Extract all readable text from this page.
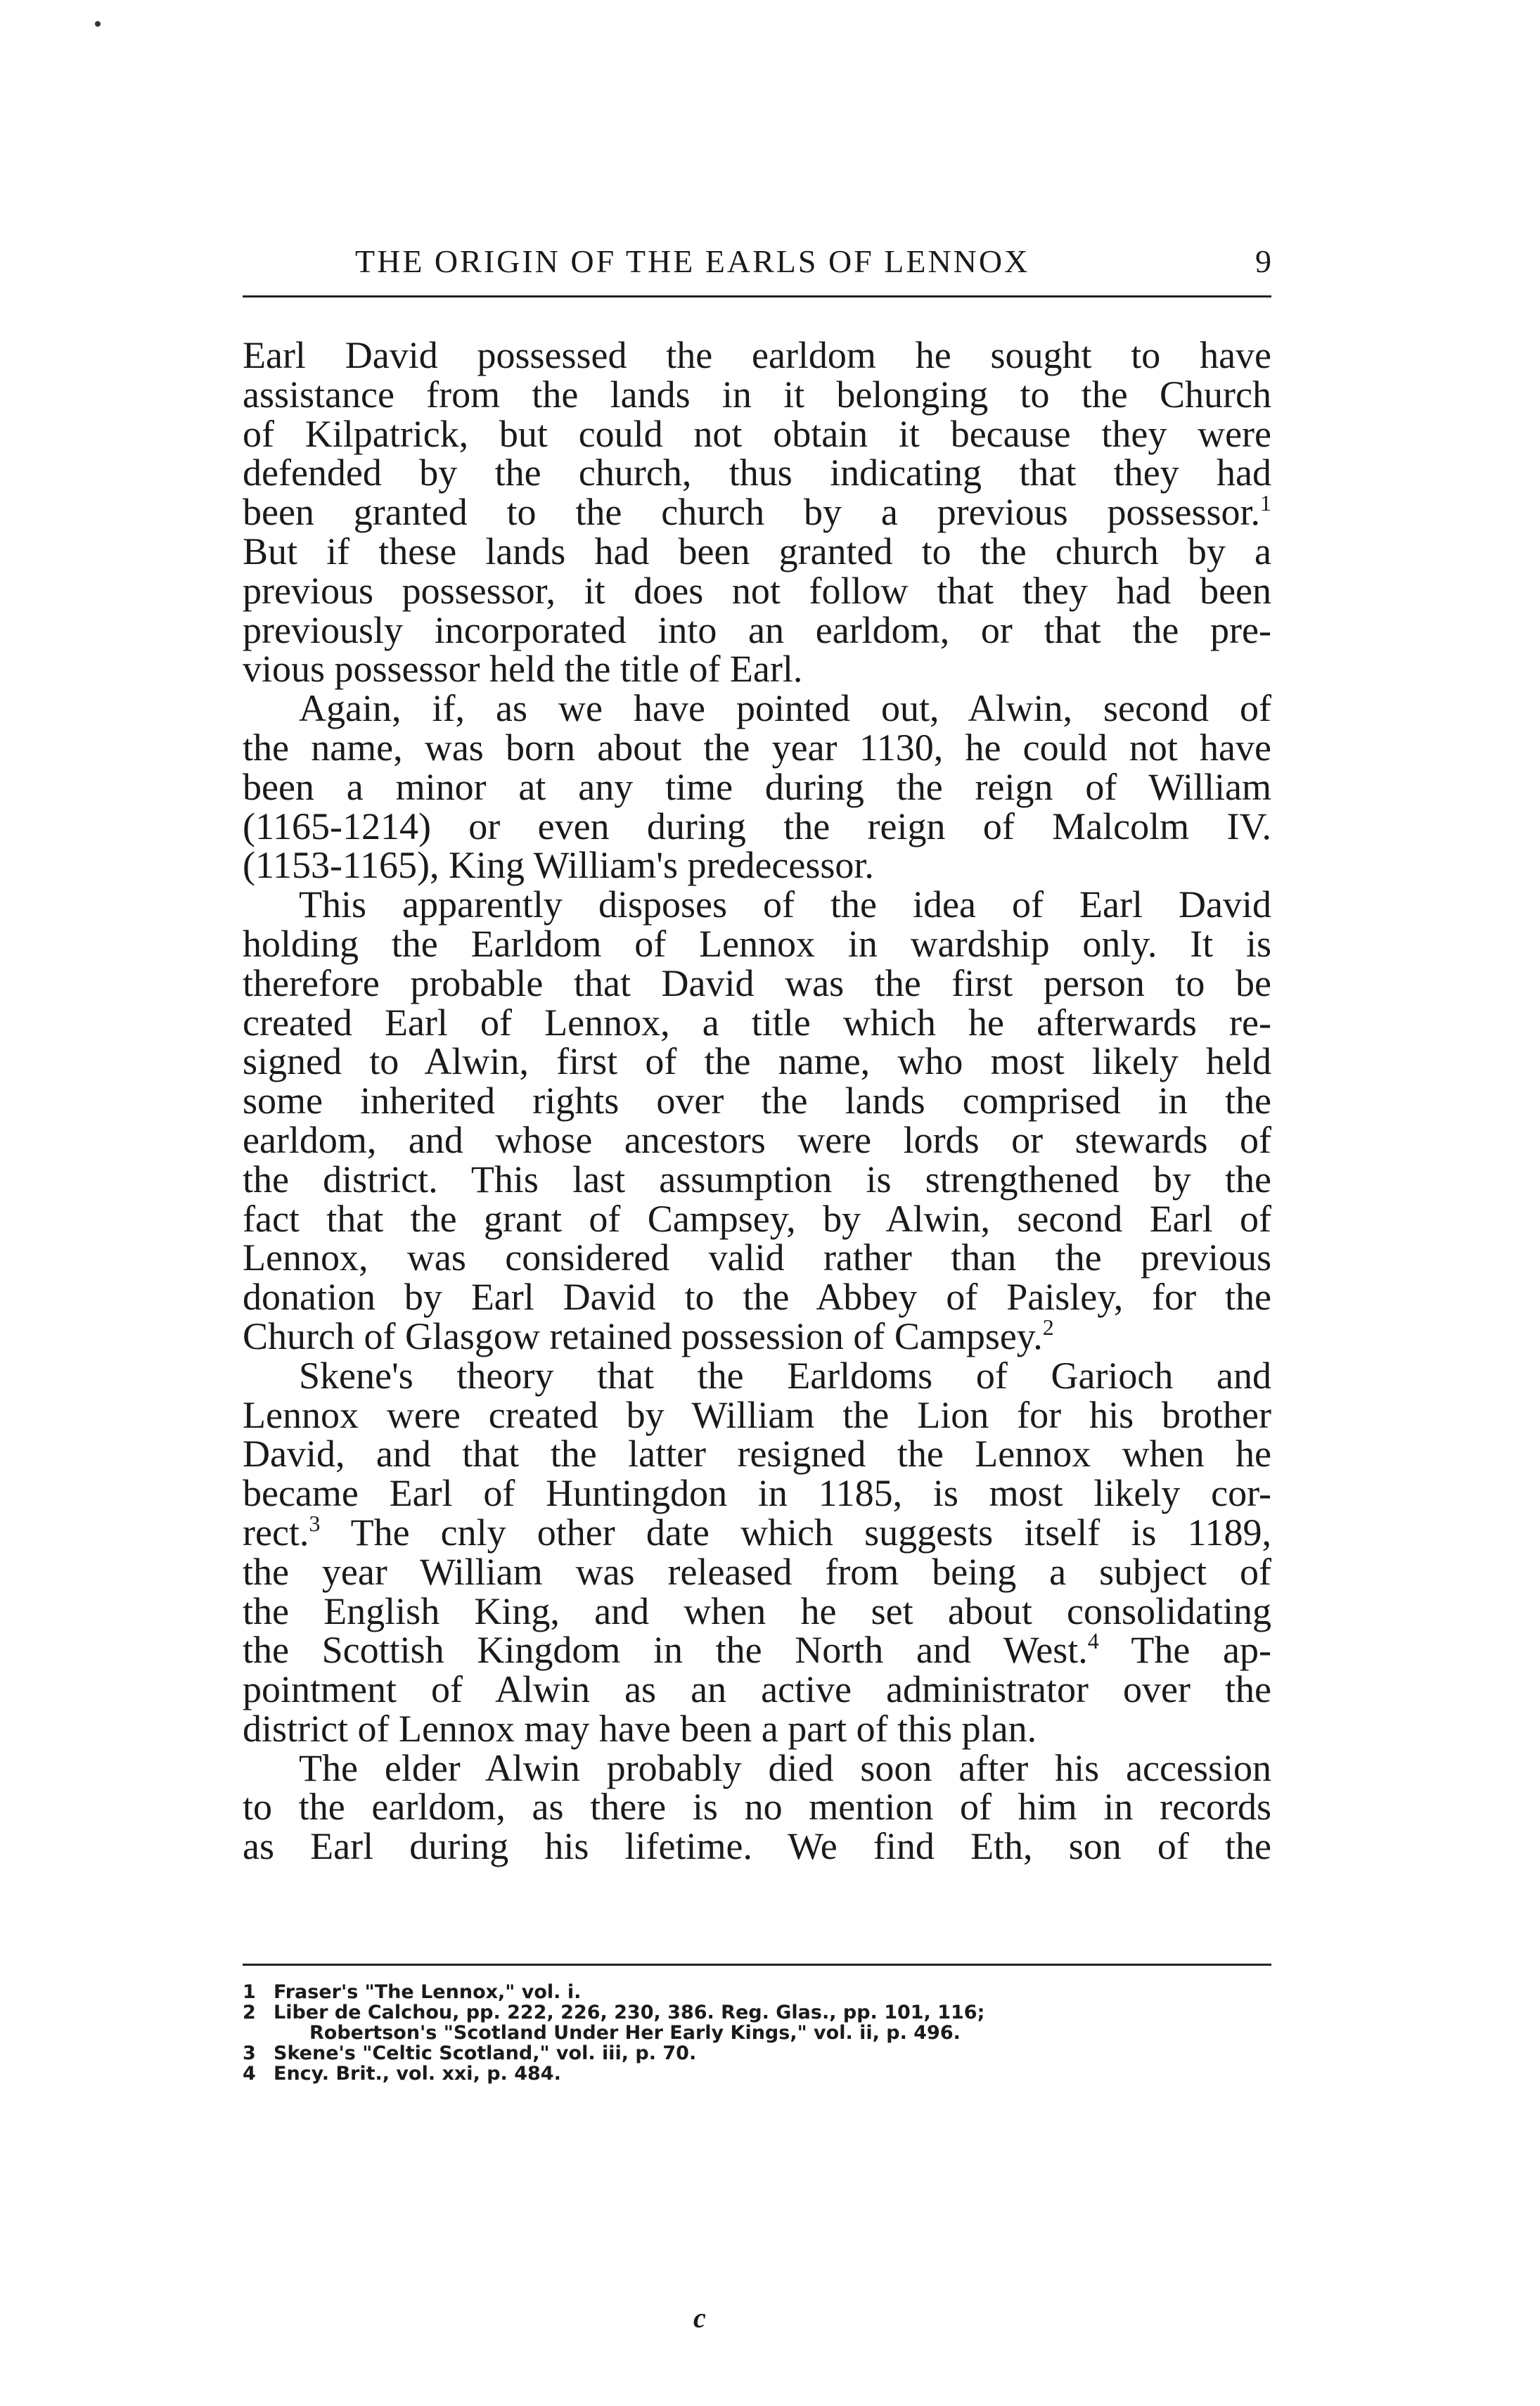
THE ORIGIN OF THE EARLS OF LENNOX	9

Earl David possessed the earldom he sought to have

assistance from the lands in it belonging to the Church

of Kilpatrick, but could not obtain it because they were

defended by the church, thus indicating that they had

been granted to the church by a previous possessor.$^1$

But if these lands had been granted to the church by a

previous possessor, it does not follow that they had been

previously incorporated into an earldom, or that the pre-

vious possessor held the title of Earl.

Again, if, as we have pointed out, Alwin, second of

the name, was born about the year 1130, he could not have

been a minor at any time during the reign of William

(1165-1214) or even during the reign of Malcolm IV.

(1153-1165), King William's predecessor.

This apparently disposes of the idea of Earl David

holding the Earldom of Lennox in wardship only. It is

therefore probable that David was the first person to be

created Earl of Lennox, a title which he afterwards re-

signed to Alwin, first of the name, who most likely held

some inherited rights over the lands comprised in the

earldom, and whose ancestors were lords or stewards of

the district. This last assumption is strengthened by the

fact that the grant of Campsey, by Alwin, second Earl of

Lennox, was considered valid rather than the previous

donation by Earl David to the Abbey of Paisley, for the

Church of Glasgow retained possession of Campsey.$^2$

Skene's theory that the Earldoms of Garioch and

Lennox were created by William the Lion for his brother

David, and that the latter resigned the Lennox when he

became Earl of Huntingdon in 1185, is most likely cor-

rect.$^3$ The cnly other date which suggests itself is 1189,

the year William was released from being a subject of

the English King, and when he set about consolidating

the Scottish Kingdom in the North and West.$^4$ The ap-

pointment of Alwin as an active administrator over the

district of Lennox may have been a part of this plan.

The elder Alwin probably died soon after his accession

to the earldom, as there is no mention of him in records

as Earl during his lifetime. We find Eth, son of the

1 Fraser's "The Lennox," vol. i.

2 Liber de Calchou, pp. 222, 226, 230, 386. Reg. Glas., pp. 101, 116;

Robertson's "Scotland Under Her Early Kings," vol. ii, p. 496.

3 Skene's "Celtic Scotland," vol. iii, p. 70.

4 Ency. Brit., vol. xxi, p. 484.

c
